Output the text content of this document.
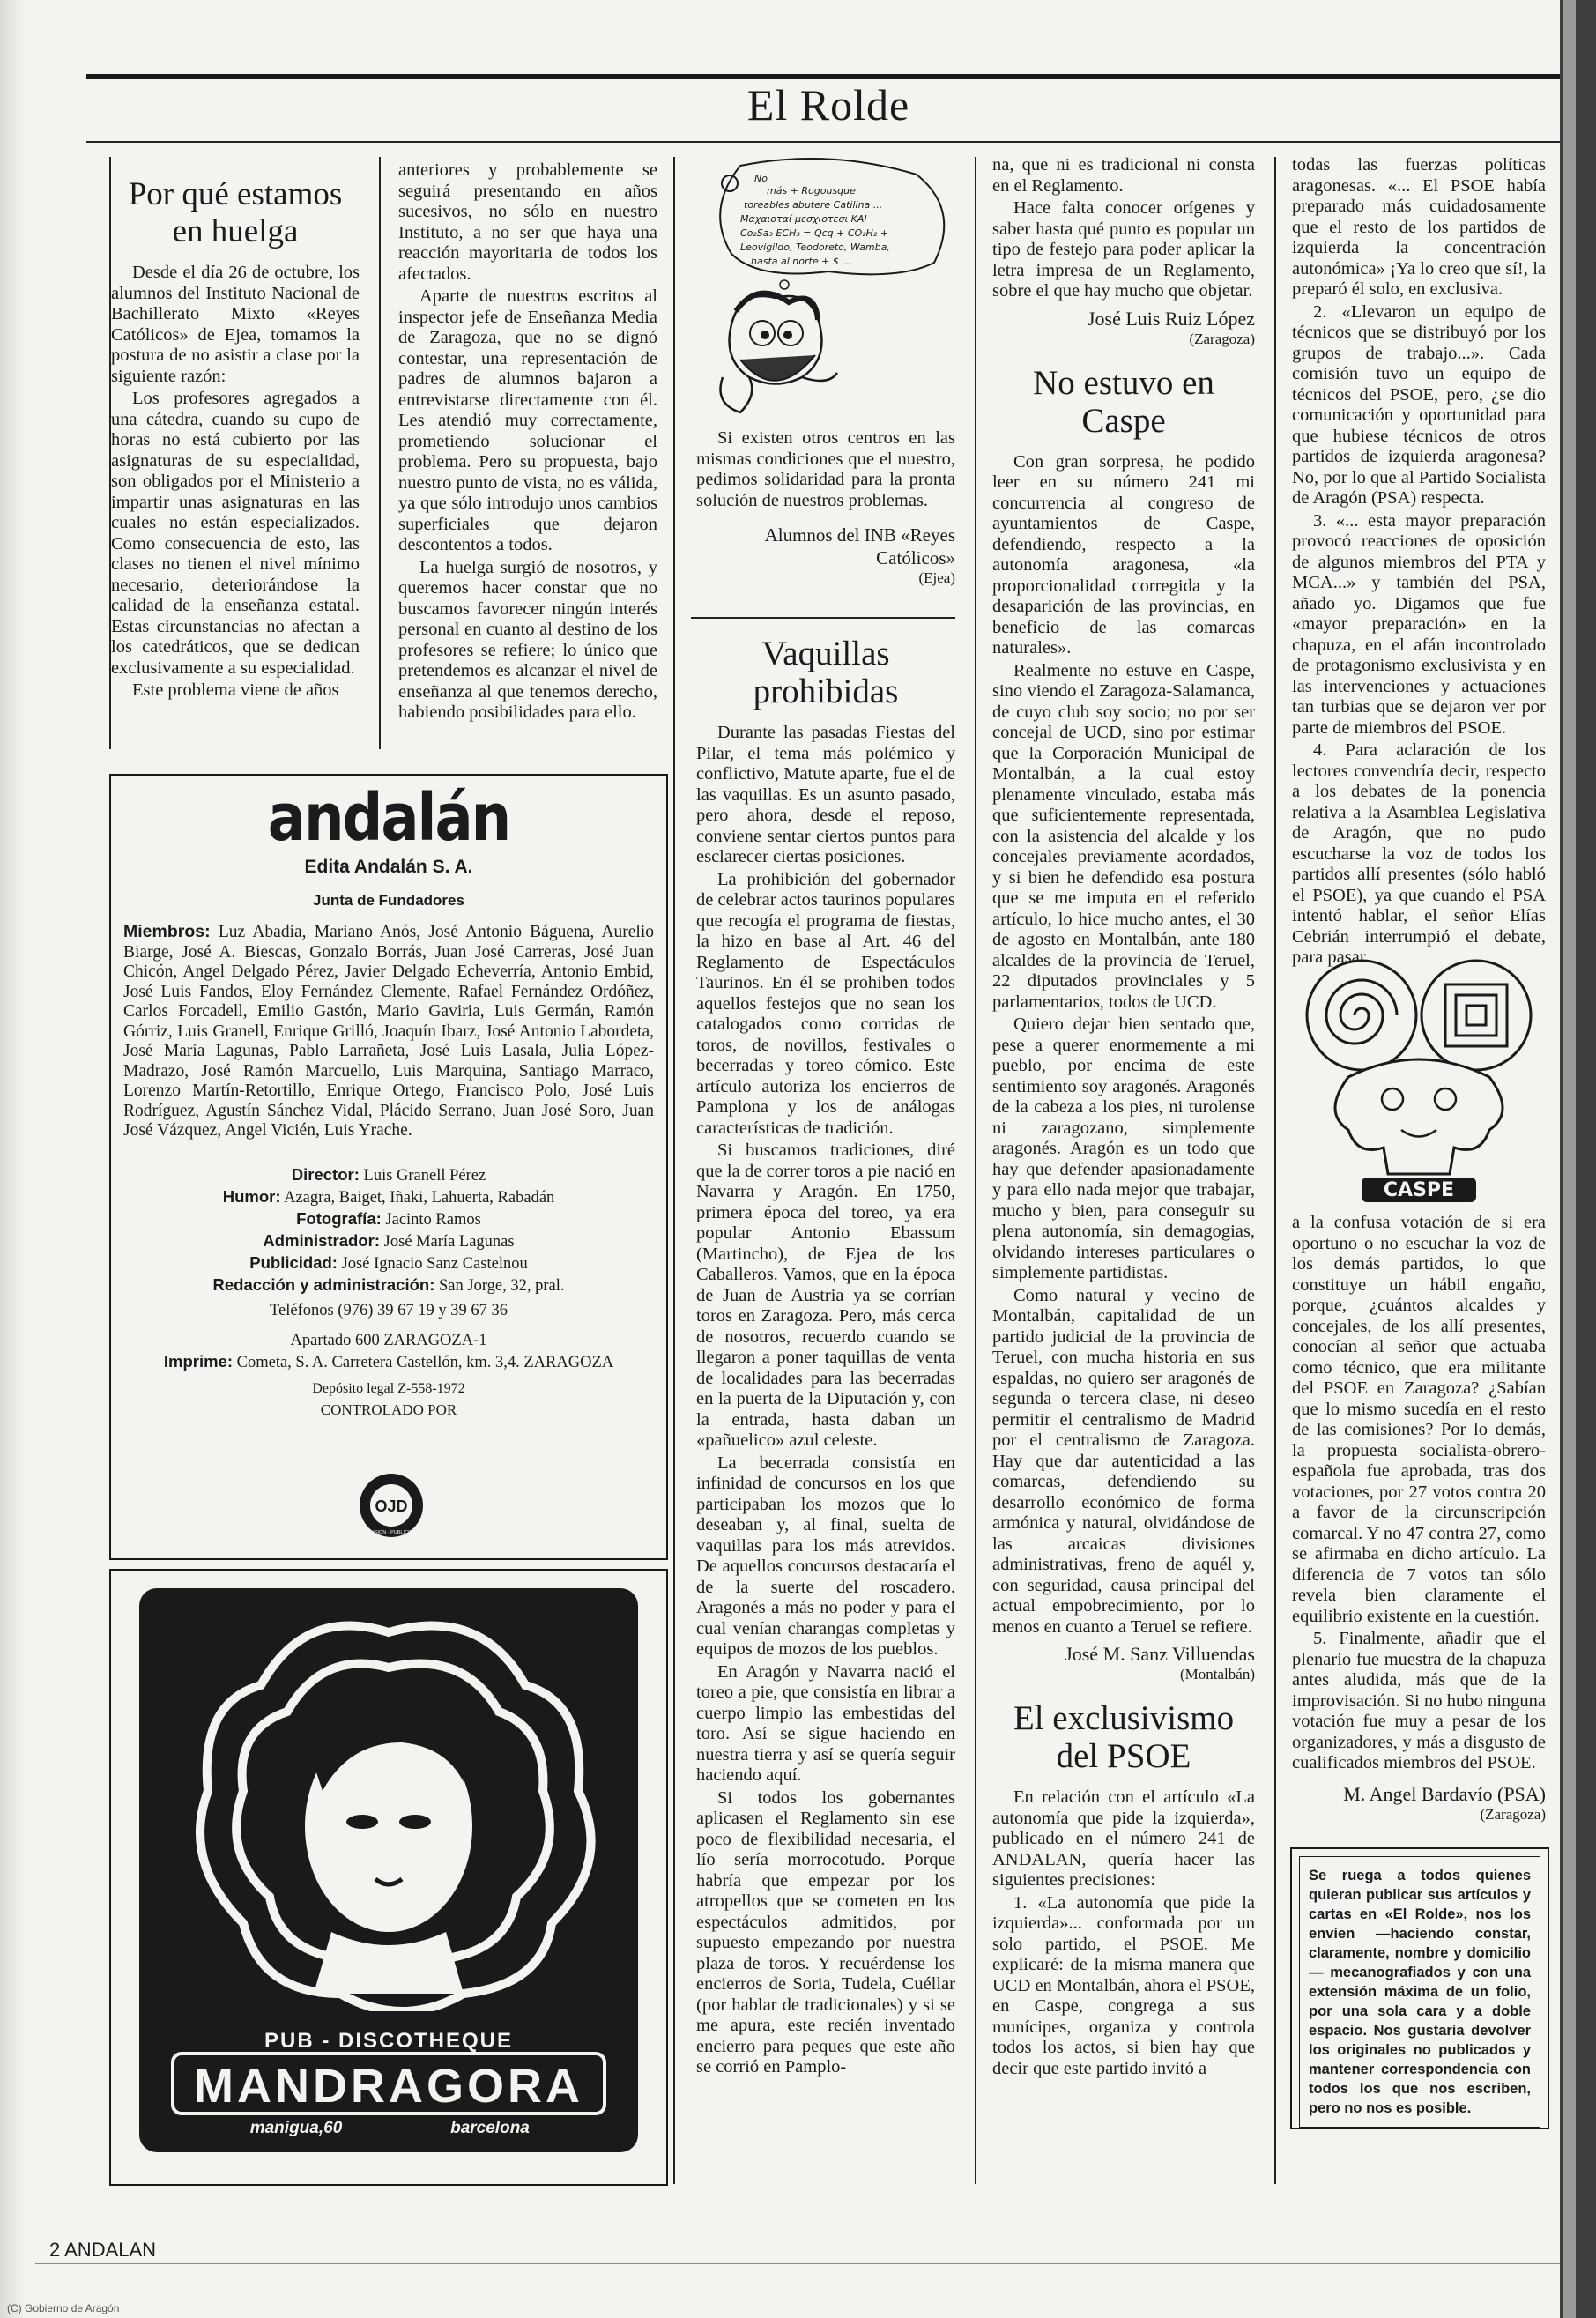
El Rolde
Por qué estamos en huelga

Desde el día 26 de octubre, los alumnos del Instituto Nacional de Bachillerato Mixto «Reyes Católicos» de Ejea, tomamos la postura de no asistir a clase por la siguiente razón:

Los profesores agregados a una cátedra, cuando su cupo de horas no está cubierto por las asignaturas de su especialidad, son obligados por el Ministerio a impartir unas asignaturas en las cuales no están especializados. Como consecuencia de esto, las clases no tienen el nivel mínimo necesario, deteriorándose la calidad de la enseñanza estatal. Estas circunstancias no afectan a los catedráticos, que se dedican exclusivamente a su especialidad.

Este problema viene de años

anteriores y probablemente se seguirá presentando en años sucesivos, no sólo en nuestro Instituto, a no ser que haya una reacción mayoritaria de todos los afectados.

Aparte de nuestros escritos al inspector jefe de Enseñanza Media de Zaragoza, que no se dignó contestar, una representación de padres de alumnos bajaron a entrevistarse directamente con él. Les atendió muy correctamente, prometiendo solucionar el problema. Pero su propuesta, bajo nuestro punto de vista, no es válida, ya que sólo introdujo unos cambios superficiales que dejaron descontentos a todos.

La huelga surgió de nosotros, y queremos hacer constar que no buscamos favorecer ningún interés personal en cuanto al destino de los profesores se refiere; lo único que pretendemos es alcanzar el nivel de enseñanza al que tenemos derecho, habiendo posibilidades para ello.

No
más + Rogousque
toreables abutere Catilina ...
Μαχαιοταί μεσχιοτεσι ΚΑΙ
Co₂Sa₃ ECH₃ = Qcq + CO₂H₂ +
Leovigildo, Teodoreto, Wamba,
hasta al norte + $ ...

Si existen otros centros en las mismas condiciones que el nuestro, pedimos solidaridad para la pronta solución de nuestros problemas.

Alumnos del INB «Reyes Católicos»
(Ejea)
Vaquillas prohibidas

Durante las pasadas Fiestas del Pilar, el tema más polémico y conflictivo, Matute aparte, fue el de las vaquillas. Es un asunto pasado, pero ahora, desde el reposo, conviene sentar ciertos puntos para esclarecer ciertas posiciones.

La prohibición del gobernador de celebrar actos taurinos populares que recogía el programa de fiestas, la hizo en base al Art. 46 del Reglamento de Espectáculos Taurinos. En él se prohiben todos aquellos festejos que no sean los catalogados como corridas de toros, de novillos, festivales o becerradas y toreo cómico. Este artículo autoriza los encierros de Pamplona y los de análogas características de tradición.

Si buscamos tradiciones, diré que la de correr toros a pie nació en Navarra y Aragón. En 1750, primera época del toreo, ya era popular Antonio Ebassum (Martincho), de Ejea de los Caballeros. Vamos, que en la época de Juan de Austria ya se corrían toros en Zaragoza. Pero, más cerca de nosotros, recuerdo cuando se llegaron a poner taquillas de venta de localidades para las becerradas en la puerta de la Diputación y, con la entrada, hasta daban un «pañuelico» azul celeste.

La becerrada consistía en infinidad de concursos en los que participaban los mozos que lo deseaban y, al final, suelta de vaquillas para los más atrevidos. De aquellos concursos destacaría el de la suerte del roscadero. Aragonés a más no poder y para el cual venían charangas completas y equipos de mozos de los pueblos.

En Aragón y Navarra nació el toreo a pie, que consistía en librar a cuerpo limpio las embestidas del toro. Así se sigue haciendo en nuestra tierra y así se quería seguir haciendo aquí.

Si todos los gobernantes aplicasen el Reglamento sin ese poco de flexibilidad necesaria, el lío sería morrocotudo. Porque habría que empezar por los atropellos que se cometen en los espectáculos admitidos, por supuesto empezando por nuestra plaza de toros. Y recuérdense los encierros de Soria, Tudela, Cuéllar (por hablar de tradicionales) y si se me apura, este recién inventado encierro para peques que este año se corrió en Pamplo-

na, que ni es tradicional ni consta en el Reglamento.

Hace falta conocer orígenes y saber hasta qué punto es popular un tipo de festejo para poder aplicar la letra impresa de un Reglamento, sobre el que hay mucho que objetar.

José Luis Ruiz López
(Zaragoza)
No estuvo en Caspe

Con gran sorpresa, he podido leer en su número 241 mi concurrencia al congreso de ayuntamientos de Caspe, defendiendo, respecto a la autonomía aragonesa, «la proporcionalidad corregida y la desaparición de las provincias, en beneficio de las comarcas naturales».

Realmente no estuve en Caspe, sino viendo el Zaragoza-Salamanca, de cuyo club soy socio; no por ser concejal de UCD, sino por estimar que la Corporación Municipal de Montalbán, a la cual estoy plenamente vinculado, estaba más que suficientemente representada, con la asistencia del alcalde y los concejales previamente acordados, y si bien he defendido esa postura que se me imputa en el referido artículo, lo hice mucho antes, el 30 de agosto en Montalbán, ante 180 alcaldes de la provincia de Teruel, 22 diputados provinciales y 5 parlamentarios, todos de UCD.

Quiero dejar bien sentado que, pese a querer enormemente a mi pueblo, por encima de este sentimiento soy aragonés. Aragonés de la cabeza a los pies, ni turolense ni zaragozano, simplemente aragonés. Aragón es un todo que hay que defender apasionadamente y para ello nada mejor que trabajar, mucho y bien, para conseguir su plena autonomía, sin demagogias, olvidando intereses particulares o simplemente partidistas.

Como natural y vecino de Montalbán, capitalidad de un partido judicial de la provincia de Teruel, con mucha historia en sus espaldas, no quiero ser aragonés de segunda o tercera clase, ni deseo permitir el centralismo de Madrid por el centralismo de Zaragoza. Hay que dar autenticidad a las comarcas, defendiendo su desarrollo económico de forma armónica y natural, olvidándose de las arcaicas divisiones administrativas, freno de aquél y, con seguridad, causa principal del actual empobrecimiento, por lo menos en cuanto a Teruel se refiere.

José M. Sanz Villuendas
(Montalbán)
El exclusivismo del PSOE

En relación con el artículo «La autonomía que pide la izquierda», publicado en el número 241 de ANDALAN, quería hacer las siguientes precisiones:

1. «La autonomía que pide la izquierda»... conformada por un solo partido, el PSOE. Me explicaré: de la misma manera que UCD en Montalbán, ahora el PSOE, en Caspe, congrega a sus munícipes, organiza y controla todos los actos, si bien hay que decir que este partido invitó a

todas las fuerzas políticas aragonesas. «... El PSOE había preparado más cuidadosamente que el resto de los partidos de izquierda la concentración autonómica» ¡Ya lo creo que sí!, la preparó él solo, en exclusiva.

2. «Llevaron un equipo de técnicos que se distribuyó por los grupos de trabajo...». Cada comisión tuvo un equipo de técnicos del PSOE, pero, ¿se dio comunicación y oportunidad para que hubiese técnicos de otros partidos de izquierda aragonesa? No, por lo que al Partido Socialista de Aragón (PSA) respecta.

3. «... esta mayor preparación provocó reacciones de oposición de algunos miembros del PTA y MCA...» y también del PSA, añado yo. Digamos que fue «mayor preparación» en la chapuza, en el afán incontrolado de protagonismo exclusivista y en las intervenciones y actuaciones tan turbias que se dejaron ver por parte de miembros del PSOE.

4. Para aclaración de los lectores convendría decir, respecto a los debates de la ponencia relativa a la Asamblea Legislativa de Aragón, que no pudo escucharse la voz de todos los partidos allí presentes (sólo habló el PSOE), ya que cuando el PSA intentó hablar, el señor Elías Cebrián interrumpió el debate, para pasar

CASPE

a la confusa votación de si era oportuno o no escuchar la voz de los demás partidos, lo que constituye un hábil engaño, porque, ¿cuántos alcaldes y concejales, de los allí presentes, conocían al señor que actuaba como técnico, que era militante del PSOE en Zaragoza? ¿Sabían que lo mismo sucedía en el resto de las comisiones? Por lo demás, la propuesta socialista-obrero-española fue aprobada, tras dos votaciones, por 27 votos contra 20 a favor de la circunscripción comarcal. Y no 47 contra 27, como se afirmaba en dicho artículo. La diferencia de 7 votos tan sólo revela bien claramente el equilibrio existente en la cuestión.

5. Finalmente, añadir que el plenario fue muestra de la chapuza antes aludida, más que de la improvisación. Si no hubo ninguna votación fue muy a pesar de los organizadores, y más a disgusto de cualificados miembros del PSOE.

M. Angel Bardavío (PSA)
(Zaragoza)
Se ruega a todos quienes quieran publicar sus artículos y cartas en «El Rolde», nos los envíen —haciendo constar, claramente, nombre y domicilio— mecanografiados y con una extensión máxima de un folio, por una sola cara y a doble espacio. Nos gustaría devolver los originales no publicados y mantener correspondencia con todos los que nos escriben, pero no nos es posible.
andalán
Edita Andalán S. A.
Junta de Fundadores
Miembros: Luz Abadía, Mariano Anós, José Antonio Báguena, Aurelio Biarge, José A. Biescas, Gonzalo Borrás, Juan José Carreras, José Juan Chicón, Angel Delgado Pérez, Javier Delgado Echeverría, Antonio Embid, José Luis Fandos, Eloy Fernández Clemente, Rafael Fernández Ordóñez, Carlos Forcadell, Emilio Gastón, Mario Gaviria, Luis Germán, Ramón Górriz, Luis Granell, Enrique Grilló, Joaquín Ibarz, José Antonio Labordeta, José María Lagunas, Pablo Larrañeta, José Luis Lasala, Julia López-Madrazo, José Ramón Marcuello, Luis Marquina, Santiago Marraco, Lorenzo Martín-Retortillo, Enrique Ortego, Francisco Polo, José Luis Rodríguez, Agustín Sánchez Vidal, Plácido Serrano, Juan José Soro, Juan José Vázquez, Angel Vicién, Luis Yrache.
Director: Luis Granell Pérez
Humor: Azagra, Baiget, Iñaki, Lahuerta, Rabadán
Fotografía: Jacinto Ramos
Administrador: José María Lagunas
Publicidad: José Ignacio Sanz Castelnou
Redacción y administración: San Jorge, 32, pral.
Teléfonos (976) 39 67 19 y 39 67 36
Apartado 600 ZARAGOZA-1
Imprime: Cometa, S. A. Carretera Castellón, km. 3,4. ZARAGOZA
Depósito legal Z-558-1972
CONTROLADO POR
OJD
DIFUSION · PUBLICIDAD
PUB - DISCOTHEQUE
MANDRAGORA
manigua,60	barcelona
2 ANDALAN
(C) Gobierno de Aragón
